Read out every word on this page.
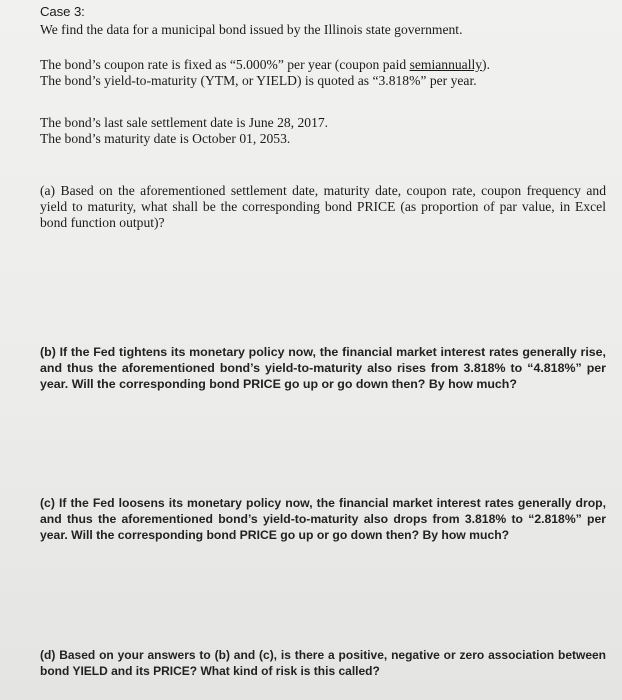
Case 3:
We find the data for a municipal bond issued by the Illinois state government.
The bond’s coupon rate is fixed as “5.000%” per year (coupon paid semiannually).
The bond’s yield-to-maturity (YTM, or YIELD) is quoted as “3.818%” per year.
The bond’s last sale settlement date is June 28, 2017.
The bond’s maturity date is October 01, 2053.
(a) Based on the aforementioned settlement date, maturity date, coupon rate, coupon frequency and yield to maturity, what shall be the corresponding bond PRICE (as proportion of par value, in Excel bond function output)?
(b) If the Fed tightens its monetary policy now, the financial market interest rates generally rise, and thus the aforementioned bond’s yield-to-maturity also rises from 3.818% to “4.818%” per year. Will the corresponding bond PRICE go up or go down then? By how much?
(c) If the Fed loosens its monetary policy now, the financial market interest rates generally drop, and thus the aforementioned bond’s yield-to-maturity also drops from 3.818% to “2.818%” per year. Will the corresponding bond PRICE go up or go down then? By how much?
(d) Based on your answers to (b) and (c), is there a positive, negative or zero association between bond YIELD and its PRICE? What kind of risk is this called?
